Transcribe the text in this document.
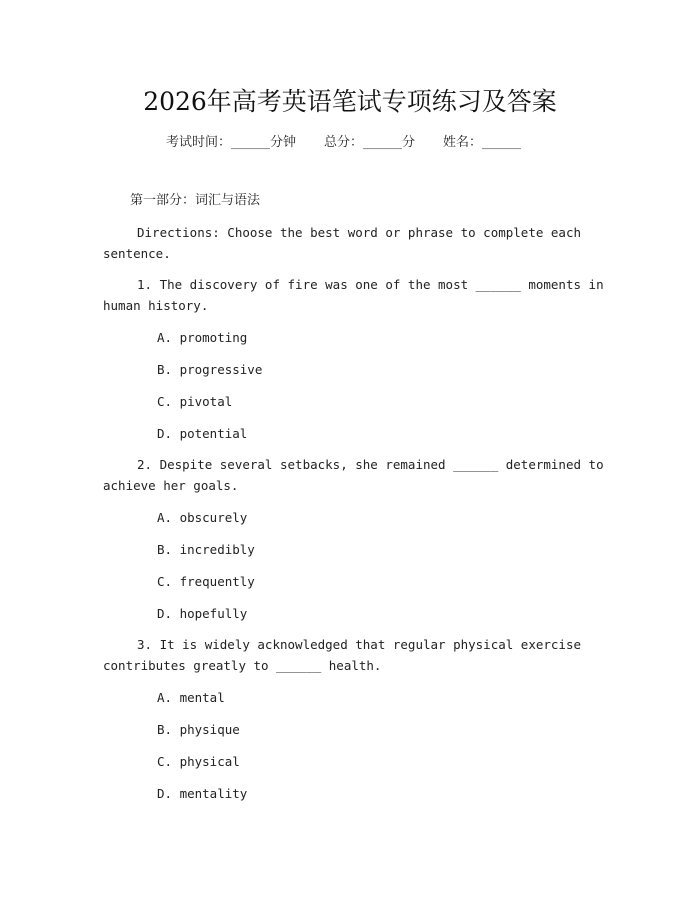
2026年高考英语笔试专项练习及答案
考试时间：______分钟 总分：______分 姓名：______
第一部分：词汇与语法
Directions: Choose the best word or phrase to complete each
sentence.
1. The discovery of fire was one of the most ______ moments in
human history.
A. promoting
B. progressive
C. pivotal
D. potential
2. Despite several setbacks, she remained ______ determined to
achieve her goals.
A. obscurely
B. incredibly
C. frequently
D. hopefully
3. It is widely acknowledged that regular physical exercise
contributes greatly to ______ health.
A. mental
B. physique
C. physical
D. mentality
